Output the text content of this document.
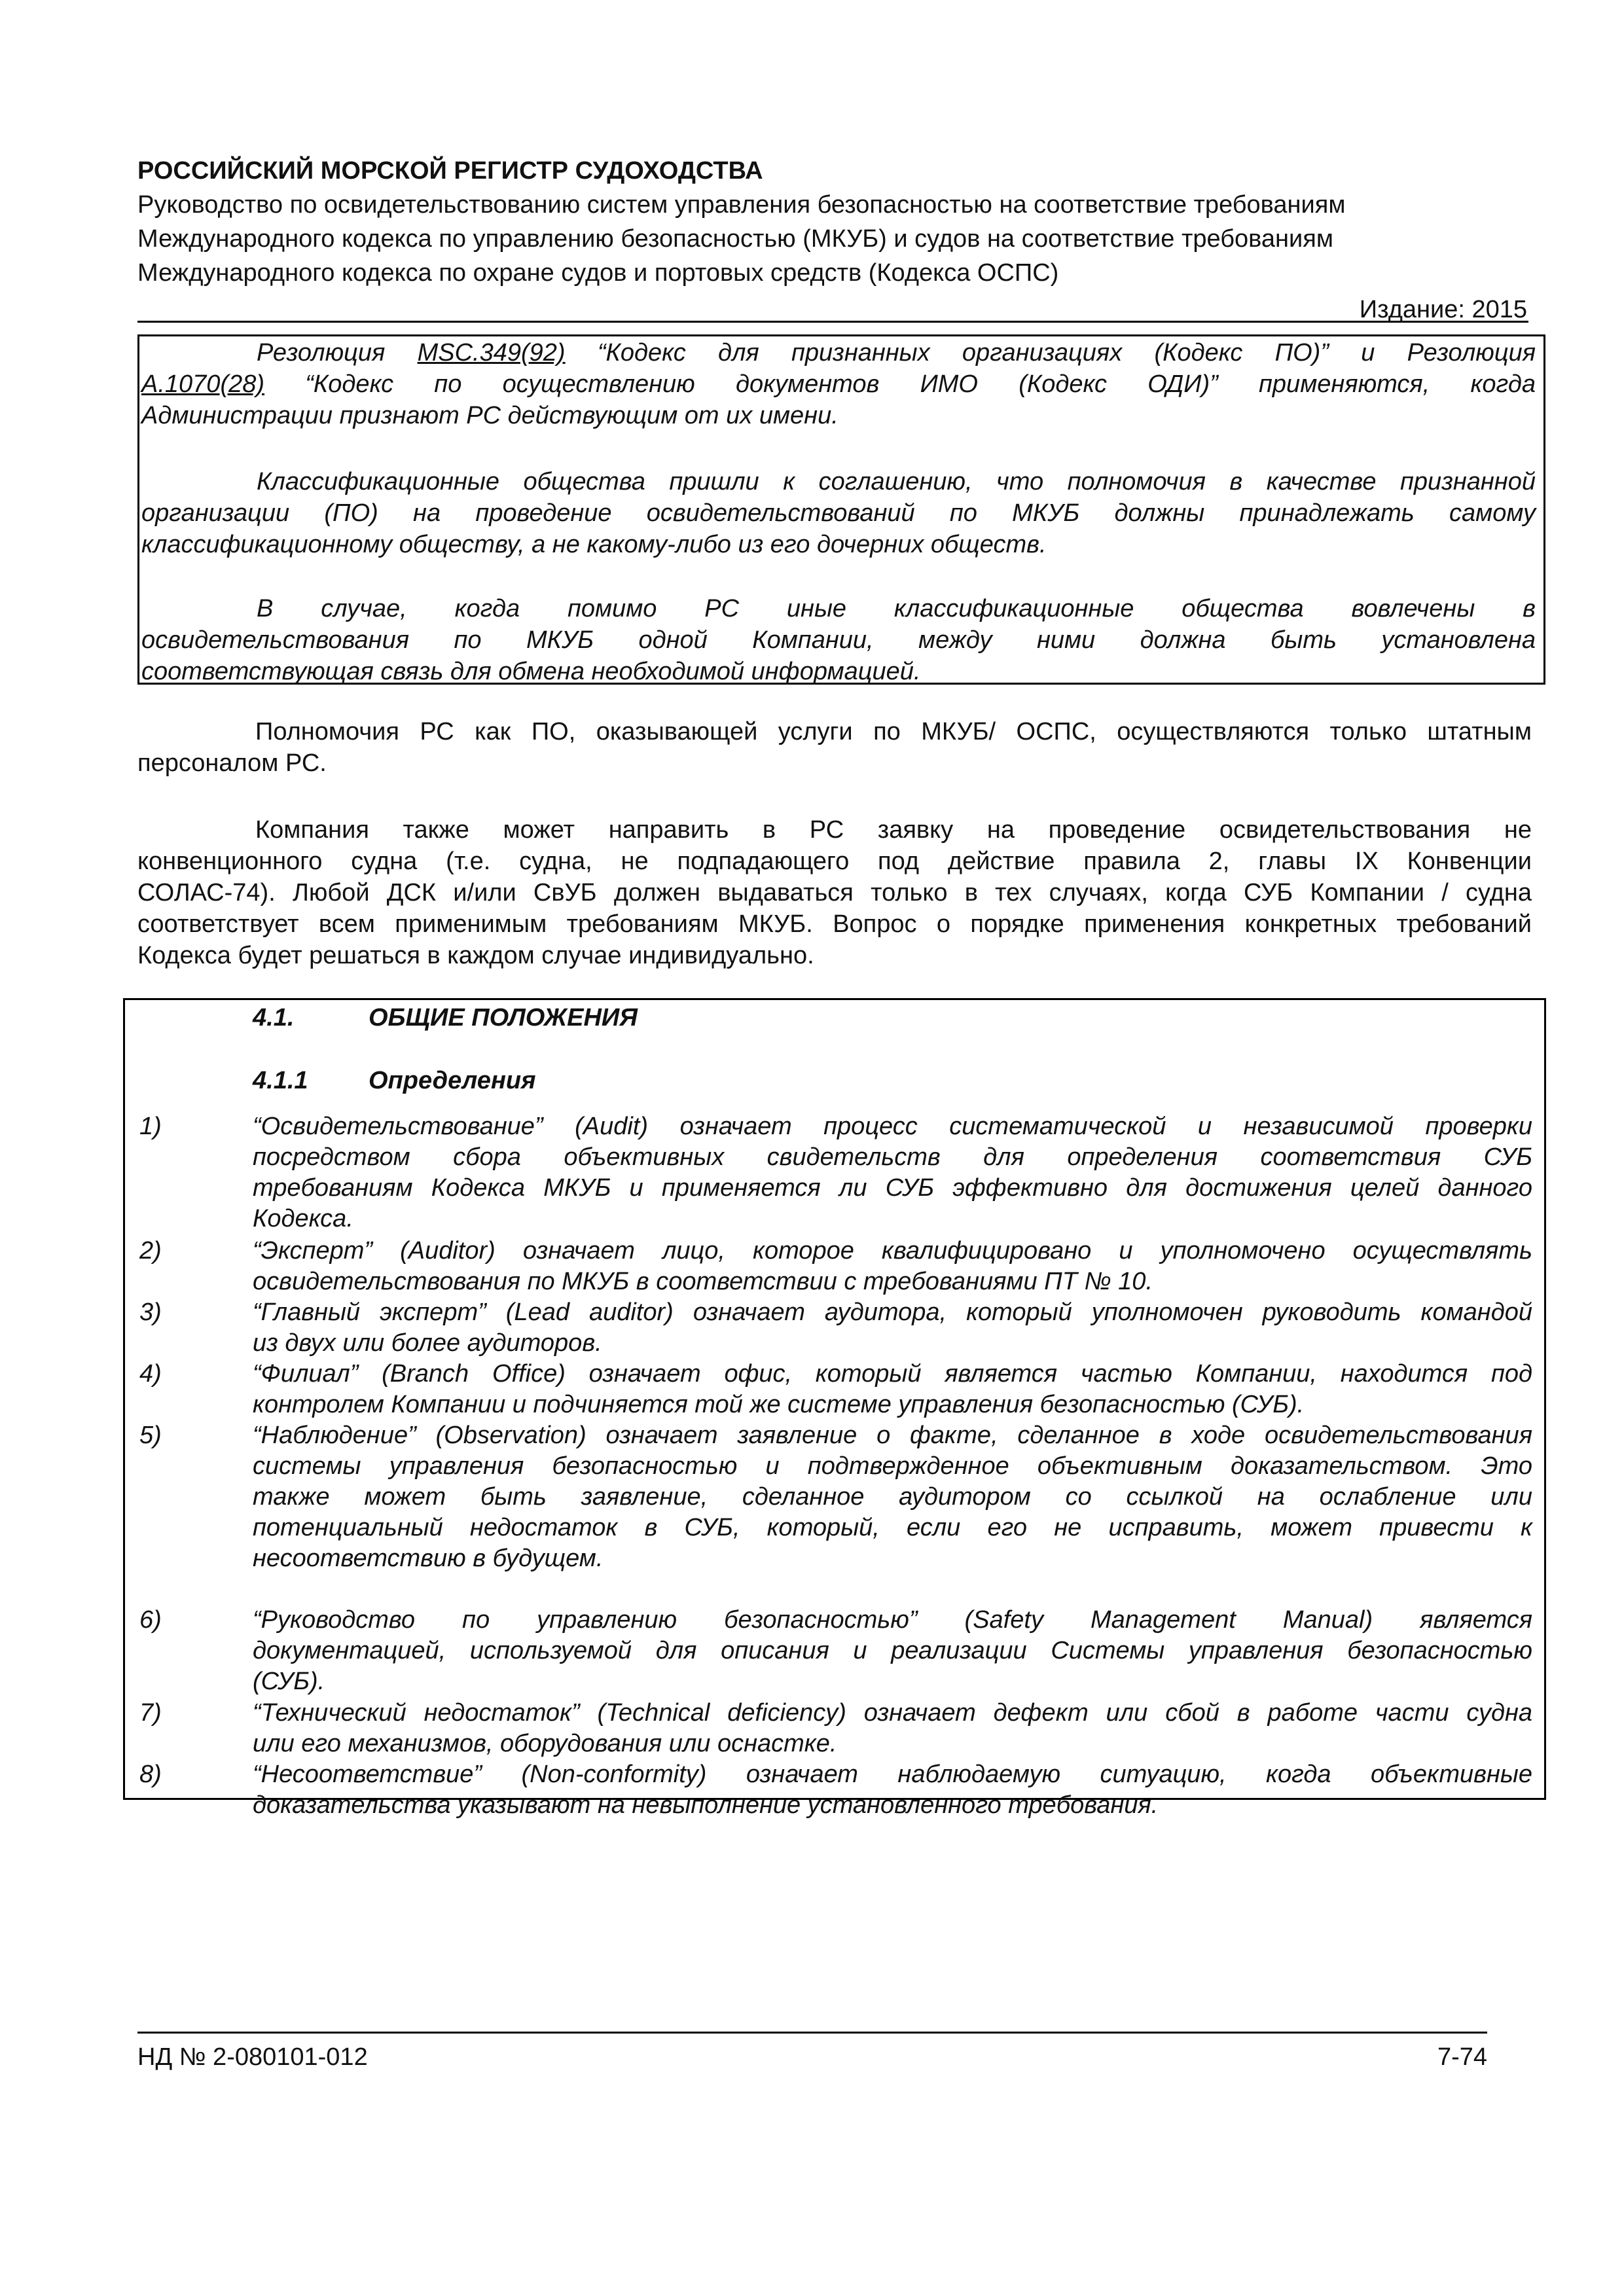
РОССИЙСКИЙ МОРСКОЙ РЕГИСТР СУДОХОДСТВА
Руководство по освидетельствованию систем управления безопасностью на соответствие требованиям
Международного кодекса по управлению безопасностью (МКУБ) и судов на соответствие требованиям
Международного кодекса по охране судов и портовых средств (Кодекса ОСПС)
Издание: 2015
Резолюция MSC.349(92) “Кодекс для признанных организациях (Кодекс ПО)” и Резолюция
A.1070(28) “Кодекс по осуществлению документов ИМО (Кодекс ОДИ)” применяются, когда
Администрации признают РС действующим от их имени.
Классификационные общества пришли к соглашению, что полномочия в качестве признанной
организации (ПО) на проведение освидетельствований по МКУБ должны принадлежать самому
классификационному обществу, а не какому-либо из его дочерних обществ.
В случае, когда помимо РС иные классификационные общества вовлечены в
освидетельствования по МКУБ одной Компании, между ними должна быть установлена
соответствующая связь для обмена необходимой информацией.
Полномочия РС как ПО, оказывающей услуги по МКУБ/ ОСПС, осуществляются только штатным
персоналом РС.
Компания также может направить в РС заявку на проведение освидетельствования не
конвенционного судна (т.е. судна, не подпадающего под действие правила 2, главы IX Конвенции
СОЛАС-74). Любой ДСК и/или СвУБ должен выдаваться только в тех случаях, когда СУБ Компании / судна
соответствует всем применимым требованиям МКУБ. Вопрос о порядке применения конкретных требований
Кодекса будет решаться в каждом случае индивидуально.
4.1.	ОБЩИЕ ПОЛОЖЕНИЯ
4.1.1 Определения
1)	“Освидетельствование” (Audit) означает процесс систематической и независимой проверки
посредством сбора объективных свидетельств для определения соответствия СУБ
требованиям Кодекса МКУБ и применяется ли СУБ эффективно для достижения целей данного
Кодекса.
2)	“Эксперт” (Auditor) означает лицо, которое квалифицировано и уполномочено осуществлять
освидетельствования по МКУБ в соответствии с требованиями ПТ № 10.
3)	“Главный эксперт” (Lead auditor) означает аудитора, который уполномочен руководить командой
из двух или более аудиторов.
4)	“Филиал” (Branch Office) означает офис, который является частью Компании, находится под
контролем Компании и подчиняется той же системе управления безопасностью (СУБ).
5)	“Наблюдение” (Observation) означает заявление о факте, сделанное в ходе освидетельствования
системы управления безопасностью и подтвержденное объективным доказательством. Это
также может быть заявление, сделанное аудитором со ссылкой на ослабление или
потенциальный недостаток в СУБ, который, если его не исправить, может привести к
несоответствию в будущем.
6)	“Руководство по управлению безопасностью” (Safety Management Manual) является
документацией, используемой для описания и реализации Системы управления безопасностью
(СУБ).
7)	“Технический недостаток” (Technical deficiency) означает дефект или сбой в работе части судна
или его механизмов, оборудования или оснастке.
8)	“Несоответствие” (Non-conformity) означает наблюдаемую ситуацию, когда объективные
доказательства указывают на невыполнение установленного требования.
НД № 2-080101-012	7-74
